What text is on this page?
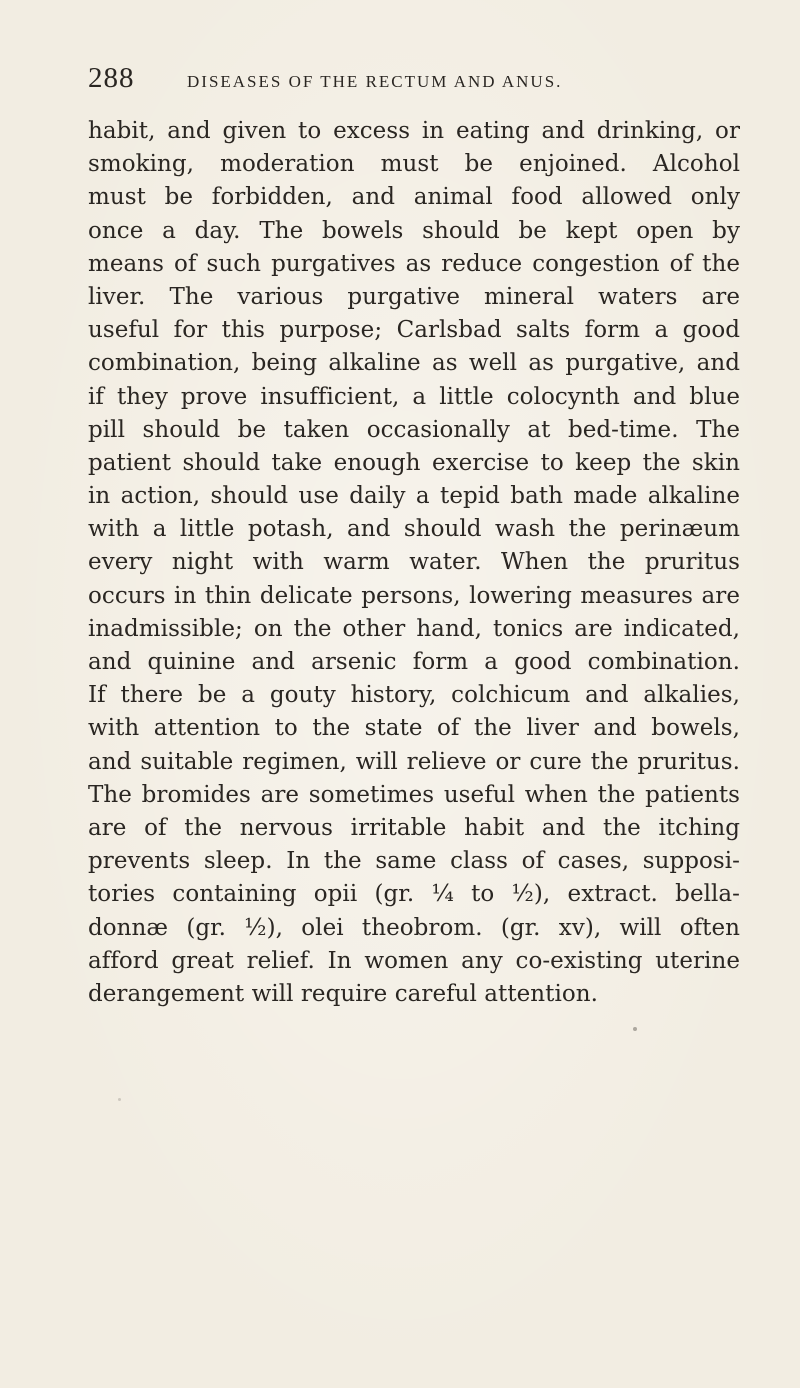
288	DISEASES OF THE RECTUM AND ANUS.
habit, and given to excess in eating and drinking, or
smoking, moderation must be enjoined. Alcohol
must be forbidden, and animal food allowed only
once a day. The bowels should be kept open by
means of such purgatives as reduce congestion of the
liver. The various purgative mineral waters are
useful for this purpose; Carlsbad salts form a good
combination, being alkaline as well as purgative, and
if they prove insufficient, a little colocynth and blue
pill should be taken occasionally at bed-time. The
patient should take enough exercise to keep the skin
in action, should use daily a tepid bath made alkaline
with a little potash, and should wash the perinæum
every night with warm water. When the pruritus
occurs in thin delicate persons, lowering measures are
inadmissible; on the other hand, tonics are indicated,
and quinine and arsenic form a good combination.
If there be a gouty history, colchicum and alkalies,
with attention to the state of the liver and bowels,
and suitable regimen, will relieve or cure the pruritus.
The bromides are sometimes useful when the patients
are of the nervous irritable habit and the itching
prevents sleep. In the same class of cases, supposi-
tories containing opii (gr. ¼ to ½), extract. bella-
donnæ (gr. ½), olei theobrom. (gr. xv), will often
afford great relief. In women any co-existing uterine
derangement will require careful attention.
